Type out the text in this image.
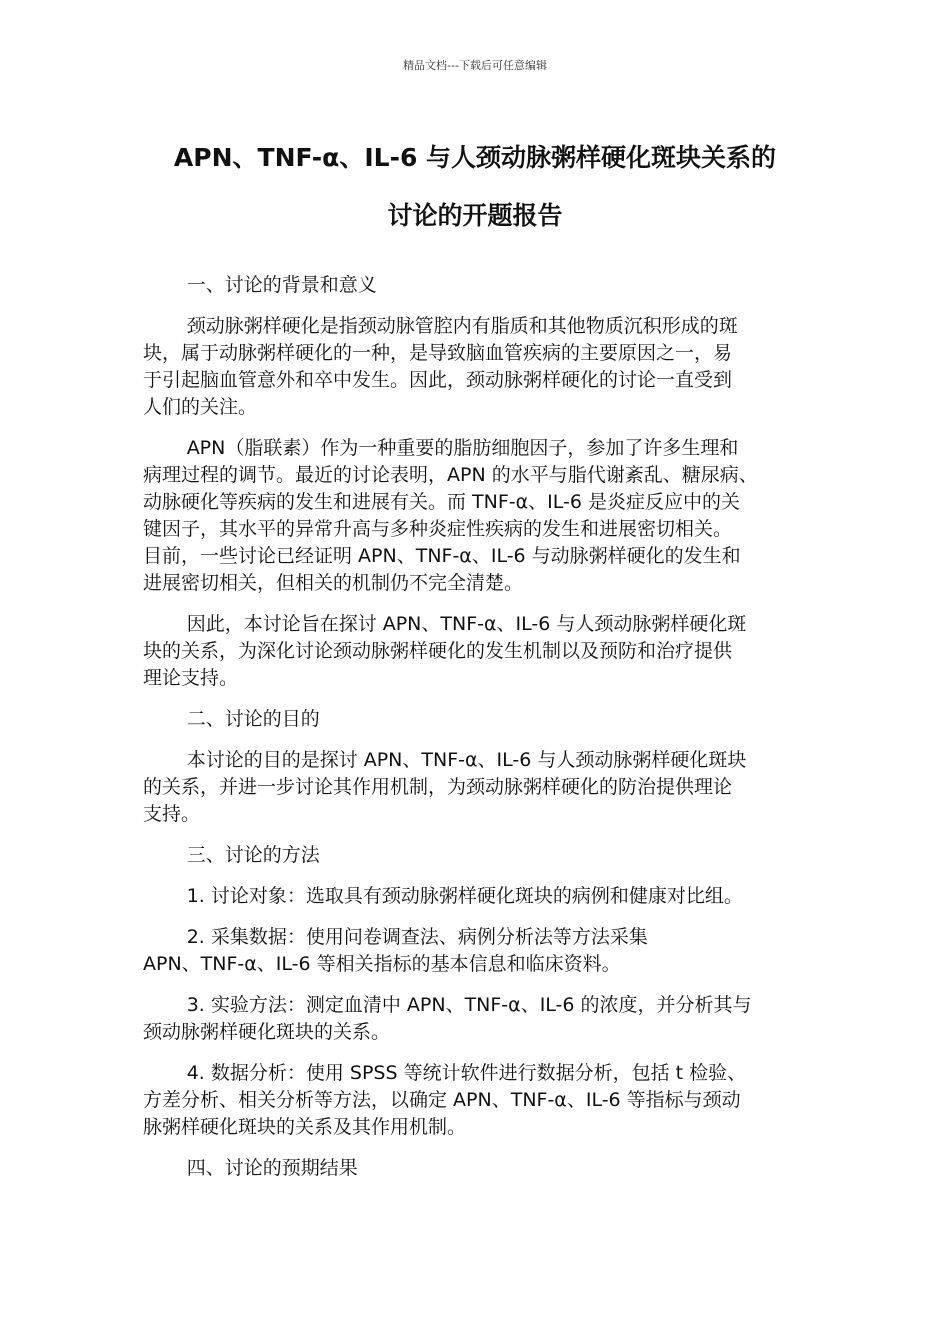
精品文档---下载后可任意编辑
APN、TNF-α、IL-6 与人颈动脉粥样硬化斑块关系的
讨论的开题报告
一、讨论的背景和意义
颈动脉粥样硬化是指颈动脉管腔内有脂质和其他物质沉积形成的斑
块，属于动脉粥样硬化的一种，是导致脑血管疾病的主要原因之一，易
于引起脑血管意外和卒中发生。因此，颈动脉粥样硬化的讨论一直受到
人们的关注。
APN（脂联素）作为一种重要的脂肪细胞因子，参加了许多生理和
病理过程的调节。最近的讨论表明，APN 的水平与脂代谢紊乱、糖尿病、
动脉硬化等疾病的发生和进展有关。而 TNF-α、IL-6 是炎症反应中的关
键因子，其水平的异常升高与多种炎症性疾病的发生和进展密切相关。
目前，一些讨论已经证明 APN、TNF-α、IL-6 与动脉粥样硬化的发生和
进展密切相关，但相关的机制仍不完全清楚。
因此，本讨论旨在探讨 APN、TNF-α、IL-6 与人颈动脉粥样硬化斑
块的关系，为深化讨论颈动脉粥样硬化的发生机制以及预防和治疗提供
理论支持。
二、讨论的目的
本讨论的目的是探讨 APN、TNF-α、IL-6 与人颈动脉粥样硬化斑块
的关系，并进一步讨论其作用机制，为颈动脉粥样硬化的防治提供理论
支持。
三、讨论的方法
1. 讨论对象：选取具有颈动脉粥样硬化斑块的病例和健康对比组。
2. 采集数据：使用问卷调查法、病例分析法等方法采集
APN、TNF-α、IL-6 等相关指标的基本信息和临床资料。
3. 实验方法：测定血清中 APN、TNF-α、IL-6 的浓度，并分析其与
颈动脉粥样硬化斑块的关系。
4. 数据分析：使用 SPSS 等统计软件进行数据分析，包括 t 检验、
方差分析、相关分析等方法，以确定 APN、TNF-α、IL-6 等指标与颈动
脉粥样硬化斑块的关系及其作用机制。
四、讨论的预期结果
